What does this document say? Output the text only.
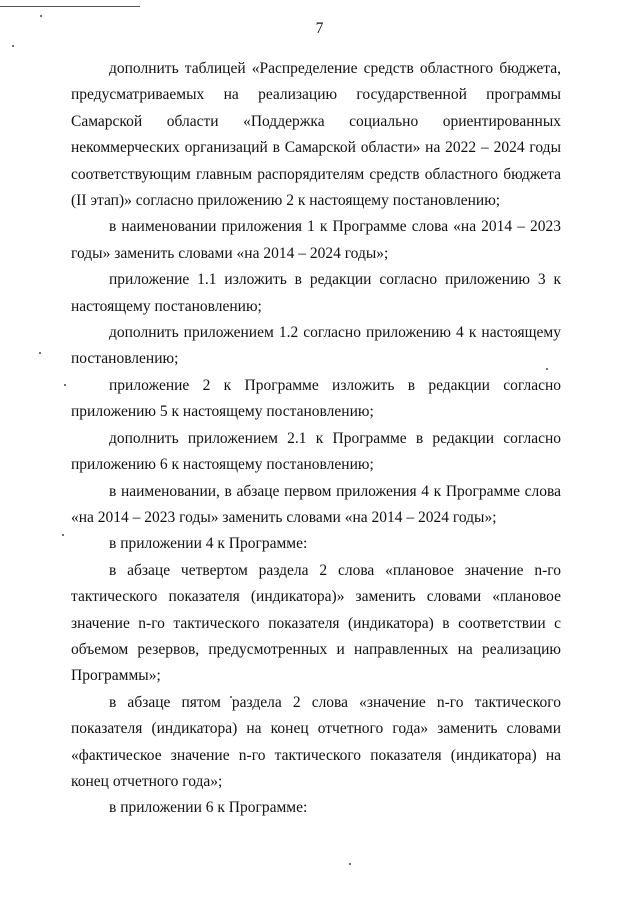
7

дополнить таблицей «Распределение средств областного бюджета, предусматриваемых на реализацию государственной программы Самарской области «Поддержка социально ориентированных некоммерческих организаций в Самарской области» на 2022 – 2024 годы соответствующим главным распорядителям средств областного бюджета (II этап)» согласно приложению 2 к настоящему постановлению;

в наименовании приложения 1 к Программе слова «на 2014 – 2023 годы» заменить словами «на 2014 – 2024 годы»;

приложение 1.1 изложить в редакции согласно приложению 3 к настоящему постановлению;

дополнить приложением 1.2 согласно приложению 4 к настоящему постановлению;

приложение 2 к Программе изложить в редакции согласно приложению 5 к настоящему постановлению;

дополнить приложением 2.1 к Программе в редакции согласно приложению 6 к настоящему постановлению;

в наименовании, в абзаце первом приложения 4 к Программе слова «на 2014 – 2023 годы» заменить словами «на 2014 – 2024 годы»;

в приложении 4 к Программе:

в абзаце четвертом раздела 2 слова «плановое значение n-го тактического показателя (индикатора)» заменить словами «плановое значение n-го тактического показателя (индикатора) в соответствии с объемом резервов, предусмотренных и направленных на реализацию Программы»;

в абзаце пятом раздела 2 слова «значение n-го тактического показателя (индикатора) на конец отчетного года» заменить словами «фактическое значение n-го тактического показателя (индикатора) на конец отчетного года»;

в приложении 6 к Программе:
